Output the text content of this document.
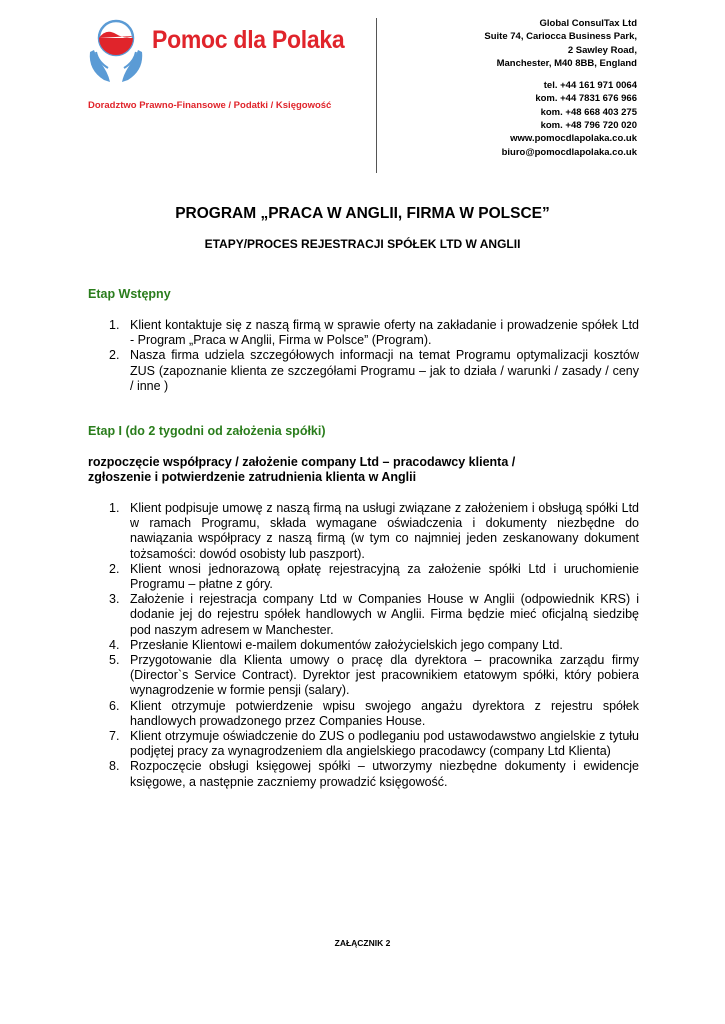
Pomoc dla Polaka
Doradztwo Prawno-Finansowe / Podatki / Księgowość
Global ConsulTax Ltd
Suite 74, Cariocca Business Park,
2 Sawley Road,
Manchester, M40 8BB, England
tel. +44 161 971 0064
kom. +44 7831 676 966
kom. +48 668 403 275
kom. +48 796 720 020
www.pomocdlapolaka.co.uk
biuro@pomocdlapolaka.co.uk
PROGRAM „PRACA W ANGLII, FIRMA W POLSCE”
ETAPY/PROCES REJESTRACJI SPÓŁEK LTD W ANGLII
Etap Wstępny
1. Klient kontaktuje się z naszą firmą w sprawie oferty na zakładanie i prowadzenie spółek Ltd - Program „Praca w Anglii, Firma w Polsce” (Program).
2. Nasza firma udziela szczegółowych informacji na temat Programu optymalizacji kosztów ZUS (zapoznanie klienta ze szczegółami Programu – jak to działa / warunki / zasady / ceny / inne )
Etap I (do 2 tygodni od założenia spółki)
rozpoczęcie współpracy / założenie company Ltd – pracodawcy klienta /
zgłoszenie i potwierdzenie zatrudnienia klienta w Anglii
1. Klient podpisuje umowę z naszą firmą na usługi związane z założeniem i obsługą spółki Ltd w ramach Programu, składa wymagane oświadczenia i dokumenty niezbędne do nawiązania współpracy z naszą firmą (w tym co najmniej jeden zeskanowany dokument tożsamości: dowód osobisty lub paszport).
2. Klient wnosi jednorazową opłatę rejestracyjną za założenie spółki Ltd i uruchomienie Programu – płatne z góry.
3. Założenie i rejestracja company Ltd w Companies House w Anglii (odpowiednik KRS) i dodanie jej do rejestru spółek handlowych w Anglii. Firma będzie mieć oficjalną siedzibę pod naszym adresem w Manchester.
4. Przesłanie Klientowi e-mailem dokumentów założycielskich jego company Ltd.
5. Przygotowanie dla Klienta umowy o pracę dla dyrektora – pracownika zarządu firmy (Director`s Service Contract). Dyrektor jest pracownikiem etatowym spółki, który pobiera wynagrodzenie w formie pensji (salary).
6. Klient otrzymuje potwierdzenie wpisu swojego angażu dyrektora z rejestru spółek handlowych prowadzonego przez Companies House.
7. Klient otrzymuje oświadczenie do ZUS o podleganiu pod ustawodawstwo angielskie z tytułu podjętej pracy za wynagrodzeniem dla angielskiego pracodawcy (company Ltd Klienta)
8. Rozpoczęcie obsługi księgowej spółki – utworzymy niezbędne dokumenty i ewidencje księgowe, a następnie zaczniemy prowadzić księgowość.
ZAŁĄCZNIK 2
